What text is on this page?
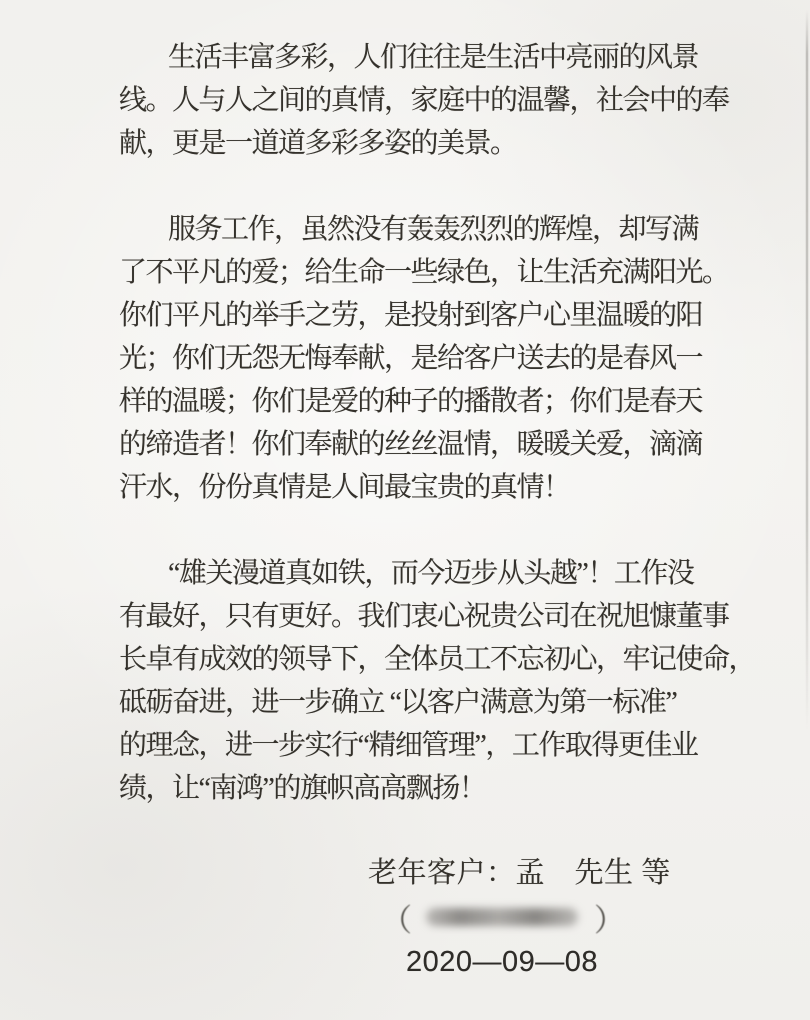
生活丰富多彩，人们往往是生活中亮丽的风景
线。人与人之间的真情，家庭中的温馨，社会中的奉
献，更是一道道多彩多姿的美景。
服务工作，虽然没有轰轰烈烈的辉煌，却写满
了不平凡的爱；给生命一些绿色，让生活充满阳光。
你们平凡的举手之劳，是投射到客户心里温暖的阳
光；你们无怨无悔奉献，是给客户送去的是春风一
样的温暖；你们是爱的种子的播散者；你们是春天
的缔造者！你们奉献的丝丝温情，暖暖关爱，滴滴
汗水，份份真情是人间最宝贵的真情！
“雄关漫道真如铁，而今迈步从头越”！工作没
有最好，只有更好。我们衷心祝贵公司在祝旭慷董事
长卓有成效的领导下，全体员工不忘初心，牢记使命，
砥砺奋进，进一步确立 “以客户满意为第一标准”
的理念，进一步实行“精细管理”，工作取得更佳业
绩，让“南鸿”的旗帜高高飘扬！
老年客户：孟　先生 等
（	）
2020—09—08
